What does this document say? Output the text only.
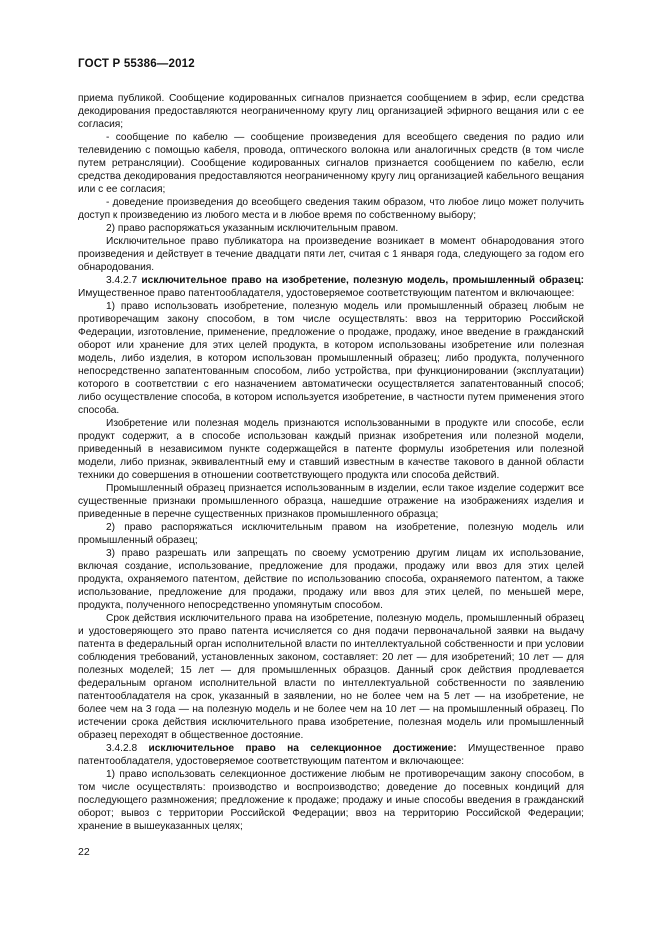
ГОСТ Р 55386—2012

приема публикой. Сообщение кодированных сигналов признается сообщением в эфир, если средства декодирования предоставляются неограниченному кругу лиц организацией эфирного вещания или с ее согласия;

- сообщение по кабелю — сообщение произведения для всеобщего сведения по радио или телевидению с помощью кабеля, провода, оптического волокна или аналогичных средств (в том числе путем ретрансляции). Сообщение кодированных сигналов признается сообщением по кабелю, если средства декодирования предоставляются неограниченному кругу лиц организацией кабельного вещания или с ее согласия;

- доведение произведения до всеобщего сведения таким образом, что любое лицо может получить доступ к произведению из любого места и в любое время по собственному выбору;

2) право распоряжаться указанным исключительным правом.

Исключительное право публикатора на произведение возникает в момент обнародования этого произведения и действует в течение двадцати пяти лет, считая с 1 января года, следующего за годом его обнародования.

3.4.2.7 исключительное право на изобретение, полезную модель, промышленный образец: Имущественное право патентообладателя, удостоверяемое соответствующим патентом и включающее:

1) право использовать изобретение, полезную модель или промышленный образец любым не противоречащим закону способом, в том числе осуществлять: ввоз на территорию Российской Федерации, изготовление, применение, предложение о продаже, продажу, иное введение в гражданский оборот или хранение для этих целей продукта, в котором использованы изобретение или полезная модель, либо изделия, в котором использован промышленный образец; либо продукта, полученного непосредственно запатентованным способом, либо устройства, при функционировании (эксплуатации) которого в соответствии с его назначением автоматически осуществляется запатентованный способ; либо осуществление способа, в котором используется изобретение, в частности путем применения этого способа.

Изобретение или полезная модель признаются использованными в продукте или способе, если продукт содержит, а в способе использован каждый признак изобретения или полезной модели, приведенный в независимом пункте содержащейся в патенте формулы изобретения или полезной модели, либо признак, эквивалентный ему и ставший известным в качестве такового в данной области техники до совершения в отношении соответствующего продукта или способа действий.

Промышленный образец признается использованным в изделии, если такое изделие содержит все существенные признаки промышленного образца, нашедшие отражение на изображениях изделия и приведенные в перечне существенных признаков промышленного образца;

2) право распоряжаться исключительным правом на изобретение, полезную модель или промышленный образец;

3) право разрешать или запрещать по своему усмотрению другим лицам их использование, включая создание, использование, предложение для продажи, продажу или ввоз для этих целей продукта, охраняемого патентом, действие по использованию способа, охраняемого патентом, а также использование, предложение для продажи, продажу или ввоз для этих целей, по меньшей мере, продукта, полученного непосредственно упомянутым способом.

Срок действия исключительного права на изобретение, полезную модель, промышленный образец и удостоверяющего это право патента исчисляется со дня подачи первоначальной заявки на выдачу патента в федеральный орган исполнительной власти по интеллектуальной собственности и при условии соблюдения требований, установленных законом, составляет: 20 лет — для изобретений; 10 лет — для полезных моделей; 15 лет — для промышленных образцов. Данный срок действия продлевается федеральным органом исполнительной власти по интеллектуальной собственности по заявлению патентообладателя на срок, указанный в заявлении, но не более чем на 5 лет — на изобретение, не более чем на 3 года — на полезную модель и не более чем на 10 лет — на промышленный образец. По истечении срока действия исключительного права изобретение, полезная модель или промышленный образец переходят в общественное достояние.

3.4.2.8 исключительное право на селекционное достижение: Имущественное право патентообладателя, удостоверяемое соответствующим патентом и включающее:

1) право использовать селекционное достижение любым не противоречащим закону способом, в том числе осуществлять: производство и воспроизводство; доведение до посевных кондиций для последующего размножения; предложение к продаже; продажу и иные способы введения в гражданский оборот; вывоз с территории Российской Федерации; ввоз на территорию Российской Федерации; хранение в вышеуказанных целях;

22
